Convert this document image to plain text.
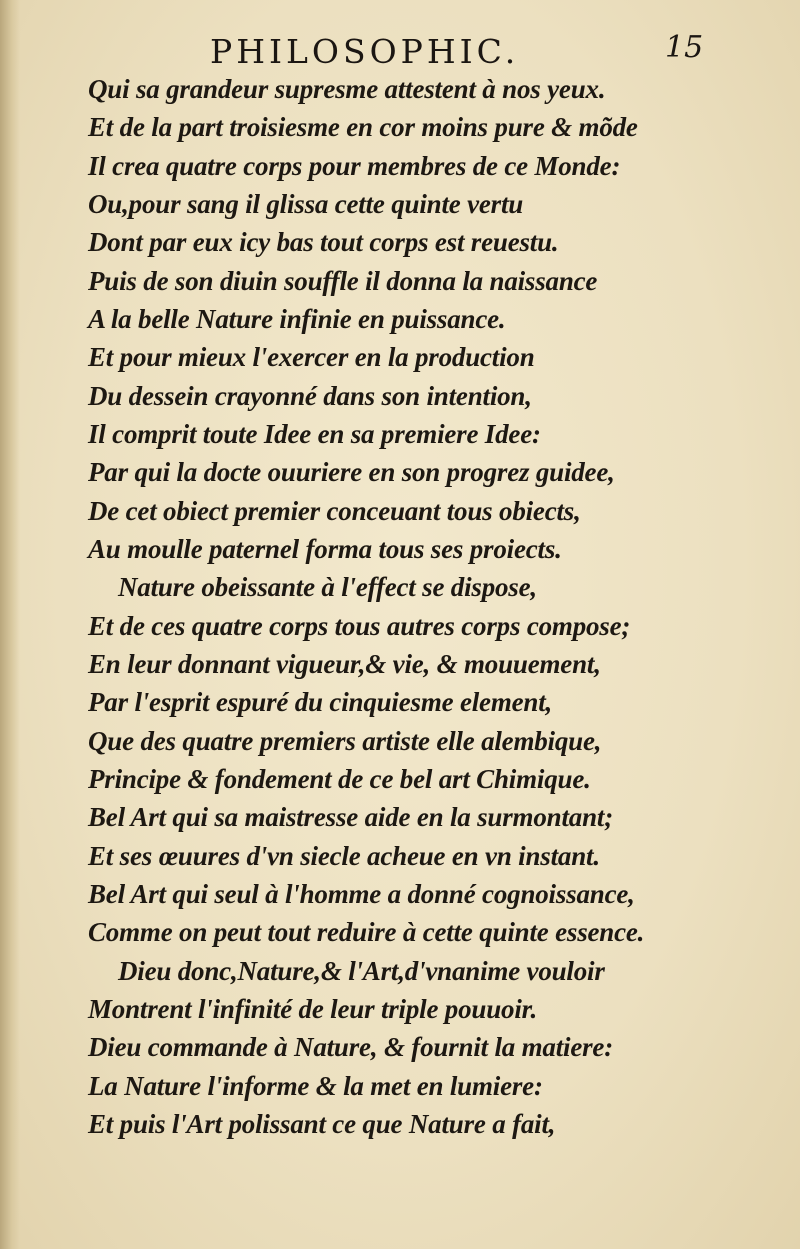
PHILOSOPHIC.	15
Qui sa grandeur supresme attestent à nos yeux.
Et de la part troisiesme en cor moins pure & mõde
Il crea quatre corps pour membres de ce Monde:
Ou,pour sang il glissa cette quinte vertu
Dont par eux icy bas tout corps est reuestu.
Puis de son diuin souffle il donna la naissance
A la belle Nature infinie en puissance.
Et pour mieux l'exercer en la production
Du dessein crayonné dans son intention,
Il comprit toute Idee en sa premiere Idee:
Par qui la docte ouuriere en son progrez guidee,
De cet obiect premier conceuant tous obiects,
Au moulle paternel forma tous ses proiects.
Nature obeissante à l'effect se dispose,
Et de ces quatre corps tous autres corps compose;
En leur donnant vigueur,& vie, & mouuement,
Par l'esprit espuré du cinquiesme element,
Que des quatre premiers artiste elle alembique,
Principe & fondement de ce bel art Chimique.
Bel Art qui sa maistresse aide en la surmontant;
Et ses œuures d'vn siecle acheue en vn instant.
Bel Art qui seul à l'homme a donné cognoissance,
Comme on peut tout reduire à cette quinte essence.
Dieu donc,Nature,& l'Art,d'vnanime vouloir
Montrent l'infinité de leur triple pouuoir.
Dieu commande à Nature, & fournit la matiere:
La Nature l'informe & la met en lumiere:
Et puis l'Art polissant ce que Nature a fait,
